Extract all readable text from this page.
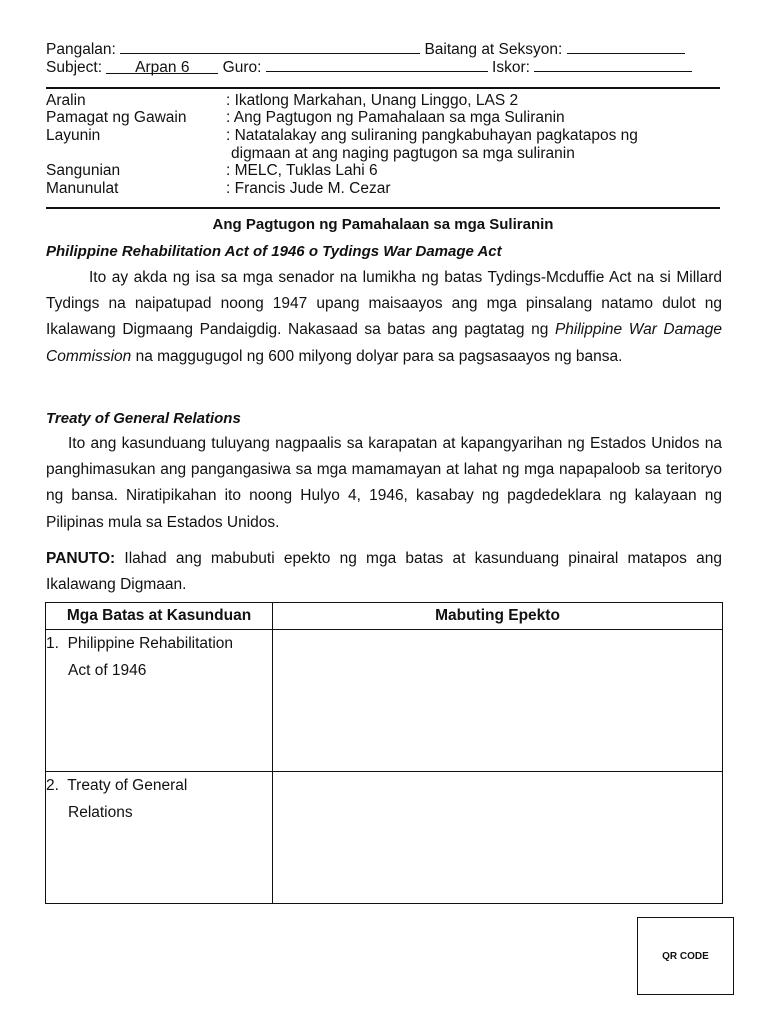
Pangalan:	Baitang at Seksyon:
Subject: Arpan 6 Guro:	Iskor:
Aralin	: Ikatlong Markahan, Unang Linggo, LAS 2
Pamagat ng Gawain	: Ang Pagtugon ng Pamahalaan sa mga Suliranin
Layunin	: Natatalakay ang suliraning pangkabuhayan pagkatapos ng
digmaan at ang naging pagtugon sa mga suliranin
Sangunian	: MELC, Tuklas Lahi 6
Manunulat	: Francis Jude M. Cezar
Ang Pagtugon ng Pamahalaan sa mga Suliranin
Philippine Rehabilitation Act of 1946 o Tydings War Damage Act

Ito ay akda ng isa sa mga senador na lumikha ng batas Tydings-Mcduffie Act na si Millard Tydings na naipatupad noong 1947 upang maisaayos ang mga pinsalang natamo dulot ng Ikalawang Digmaang Pandaigdig. Nakasaad sa batas ang pagtatag ng Philippine War Damage Commission na maggugugol ng 600 milyong dolyar para sa pagsasaayos ng bansa.

Treaty of General Relations

Ito ang kasunduang tuluyang nagpaalis sa karapatan at kapangyarihan ng Estados Unidos na panghimasukan ang pangangasiwa sa mga mamamayan at lahat ng mga napapaloob sa teritoryo ng bansa. Niratipikahan ito noong Hulyo 4, 1946, kasabay ng pagdedeklara ng kalayaan ng Pilipinas mula sa Estados Unidos.

PANUTO: Ilahad ang mabubuti epekto ng mga batas at kasunduang pinairal matapos ang Ikalawang Digmaan.

Mga Batas at Kasunduan	Mabuting Epekto

1. Philippine Rehabilitation
Act of 1946	

2. Treaty of General
Relations	

QR CODE
